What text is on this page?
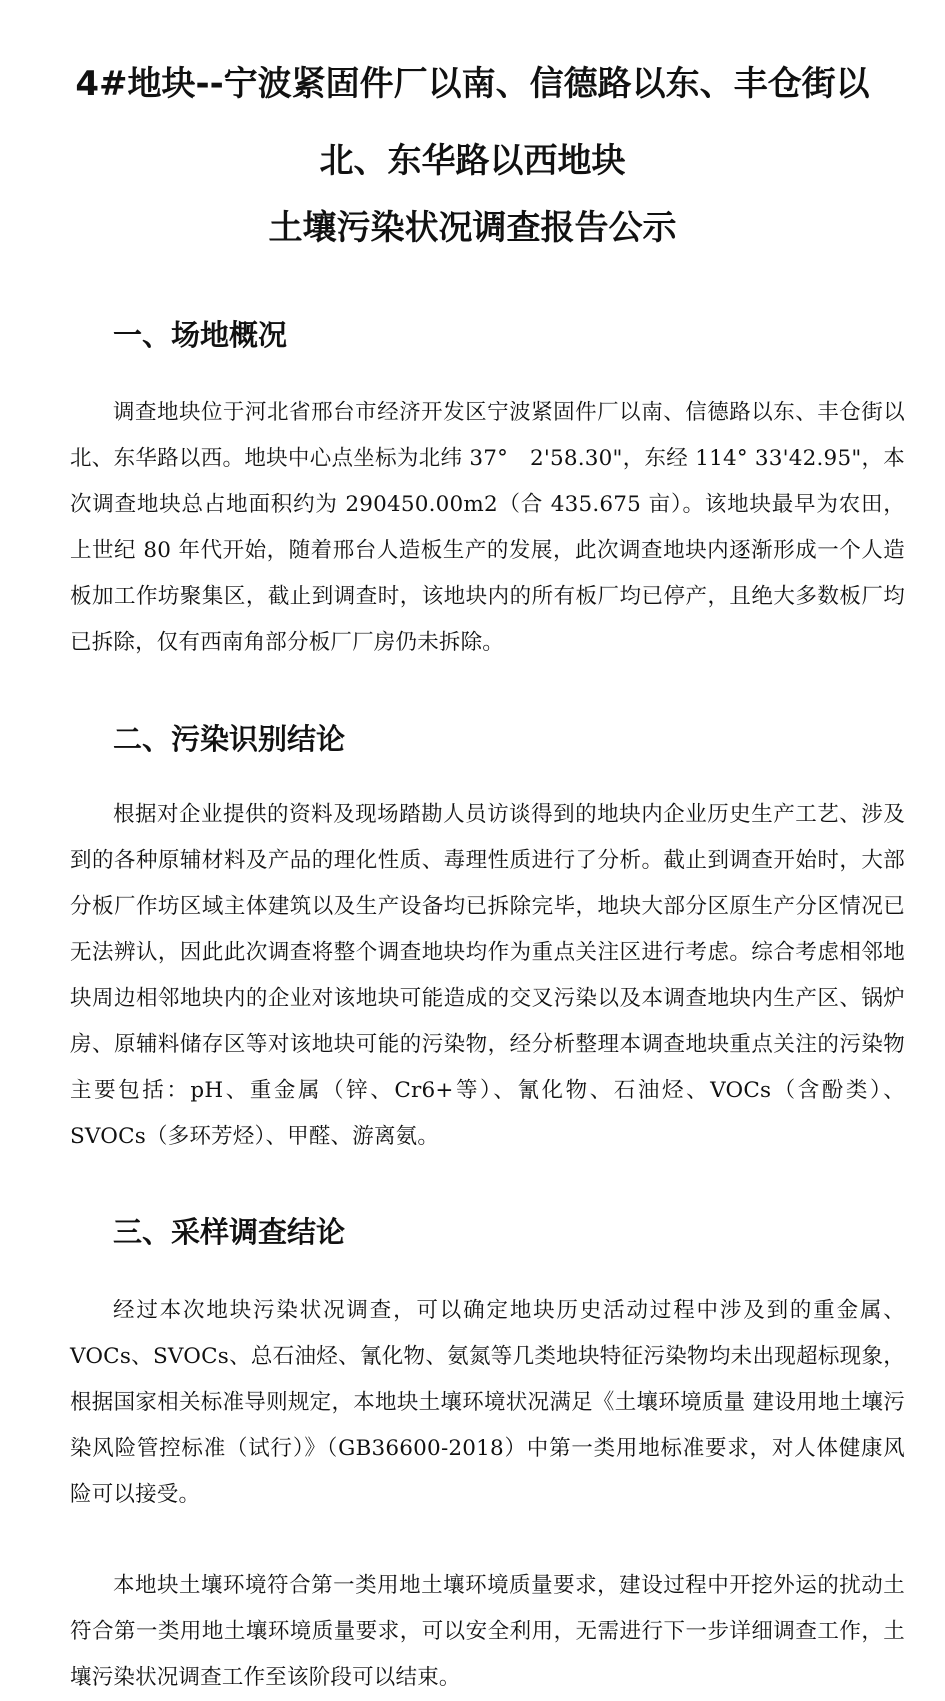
4#地块--宁波紧固件厂以南、信德路以东、丰仓街以
北、东华路以西地块
土壤污染状况调查报告公示
一、场地概况
调查地块位于河北省邢台市经济开发区宁波紧固件厂以南、信德路以东、丰仓街以北、东华路以西。地块中心点坐标为北纬 37°　2'58.30"，东经 114° 33'42.95"，本次调查地块总占地面积约为 290450.00m2（合 435.675 亩）。该地块最早为农田，上世纪 80 年代开始，随着邢台人造板生产的发展，此次调查地块内逐渐形成一个人造板加工作坊聚集区，截止到调查时，该地块内的所有板厂均已停产，且绝大多数板厂均已拆除，仅有西南角部分板厂厂房仍未拆除。
二、污染识别结论
根据对企业提供的资料及现场踏勘人员访谈得到的地块内企业历史生产工艺、涉及到的各种原辅材料及产品的理化性质、毒理性质进行了分析。截止到调查开始时，大部分板厂作坊区域主体建筑以及生产设备均已拆除完毕，地块大部分区原生产分区情况已无法辨认，因此此次调查将整个调查地块均作为重点关注区进行考虑。综合考虑相邻地块周边相邻地块内的企业对该地块可能造成的交叉污染以及本调查地块内生产区、锅炉房、原辅料储存区等对该地块可能的污染物，经分析整理本调查地块重点关注的污染物主要包括：pH、重金属（锌、Cr6+等）、氰化物、石油烃、VOCs（含酚类）、SVOCs（多环芳烃）、甲醛、游离氨。
三、采样调查结论
经过本次地块污染状况调查，可以确定地块历史活动过程中涉及到的重金属、VOCs、SVOCs、总石油烃、氰化物、氨氮等几类地块特征污染物均未出现超标现象，根据国家相关标准导则规定，本地块土壤环境状况满足《土壤环境质量 建设用地土壤污染风险管控标准（试行）》（GB36600-2018）中第一类用地标准要求，对人体健康风险可以接受。
本地块土壤环境符合第一类用地土壤环境质量要求，建设过程中开挖外运的扰动土符合第一类用地土壤环境质量要求，可以安全利用，无需进行下一步详细调查工作，土壤污染状况调查工作至该阶段可以结束。
